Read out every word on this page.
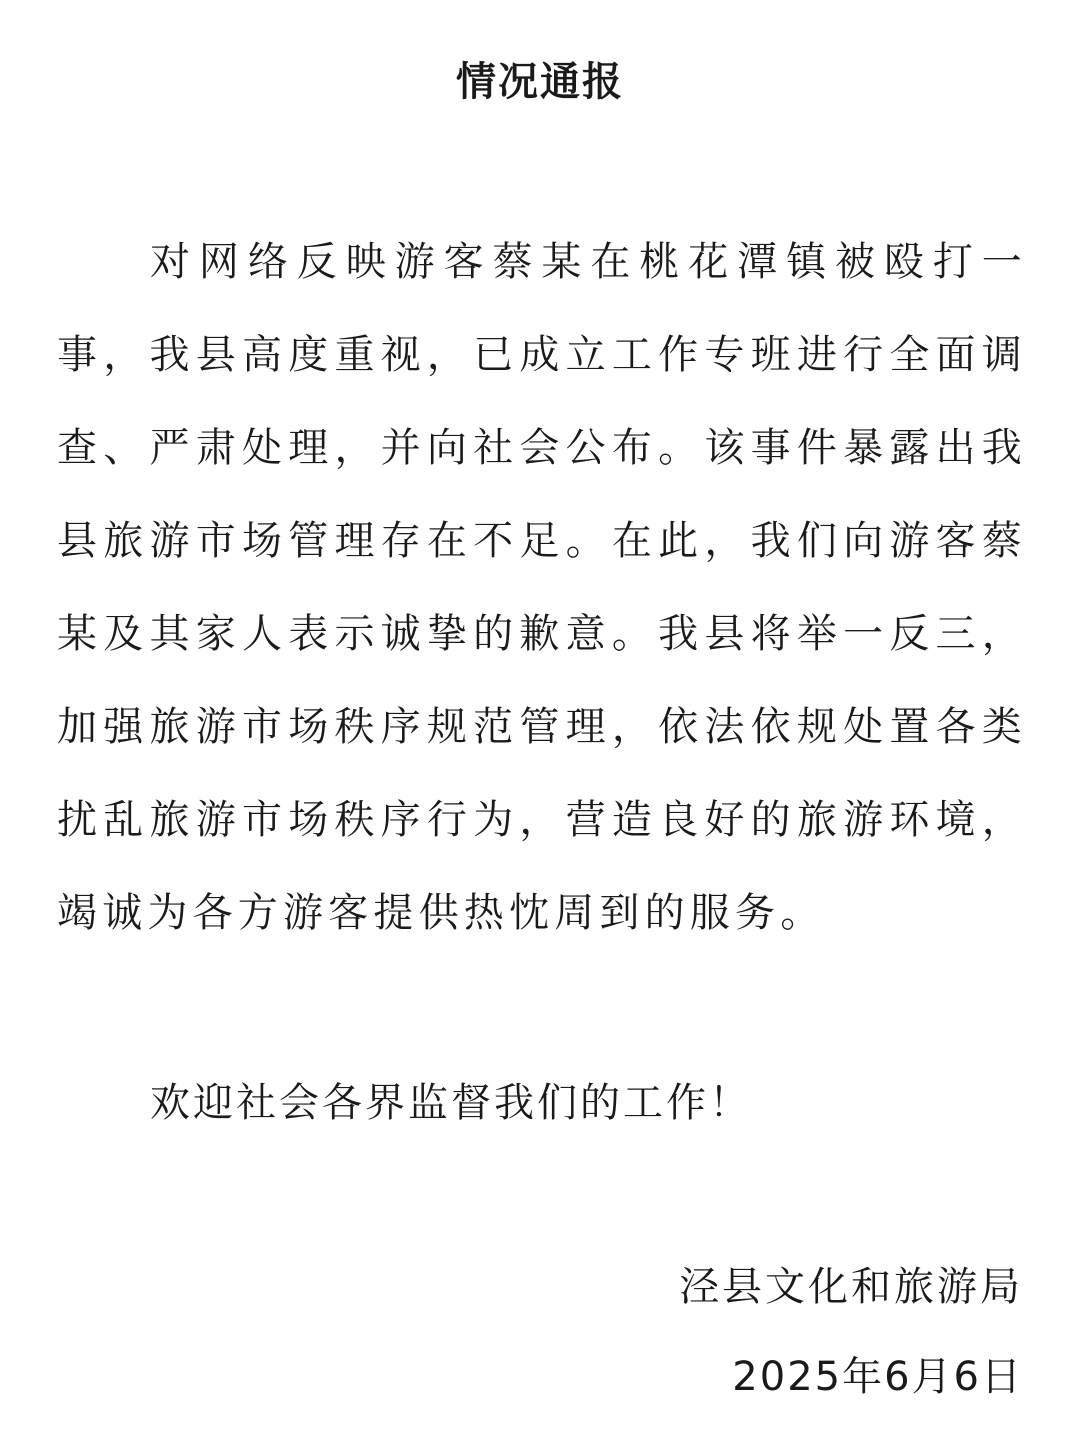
情况通报

对网络反映游客蔡某在桃花潭镇被殴打一事，我县高度重视，已成立工作专班进行全面调查、严肃处理，并向社会公布。该事件暴露出我县旅游市场管理存在不足。在此，我们向游客蔡某及其家人表示诚挚的歉意。我县将举一反三，加强旅游市场秩序规范管理，依法依规处置各类扰乱旅游市场秩序行为，营造良好的旅游环境，竭诚为各方游客提供热忱周到的服务。

欢迎社会各界监督我们的工作！

泾县文化和旅游局

2025年6月6日
